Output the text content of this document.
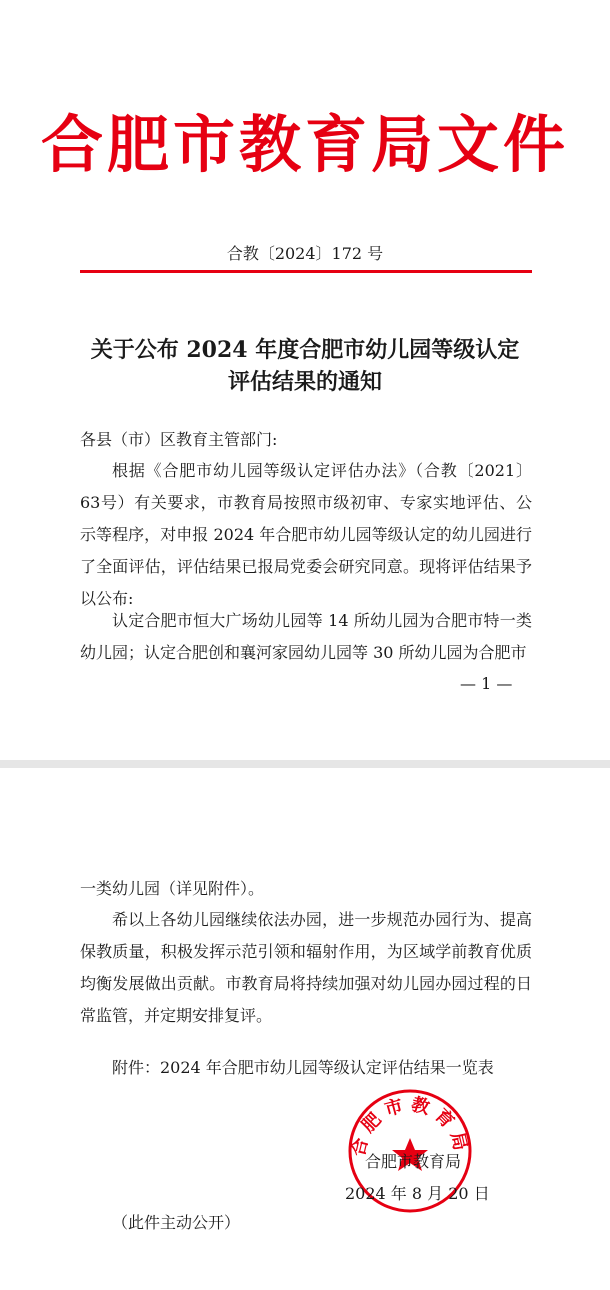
合肥市教育局文件
合教〔2024〕172 号
关于公布 2024 年度合肥市幼儿园等级认定
评估结果的通知
各县（市）区教育主管部门:
根据《合肥市幼儿园等级认定评估办法》（合教〔2021〕63号）有关要求，市教育局按照市级初审、专家实地评估、公示等程序，对申报 2024 年合肥市幼儿园等级认定的幼儿园进行了全面评估，评估结果已报局党委会研究同意。现将评估结果予以公布:
认定合肥市恒大广场幼儿园等 14 所幼儿园为合肥市特一类幼儿园；认定合肥创和襄河家园幼儿园等 30 所幼儿园为合肥市
— 1 —
一类幼儿园（详见附件）。
希以上各幼儿园继续依法办园，进一步规范办园行为、提高保教质量，积极发挥示范引领和辐射作用，为区域学前教育优质均衡发展做出贡献。市教育局将持续加强对幼儿园办园过程的日常监管，并定期安排复评。
附件：2024 年合肥市幼儿园等级认定评估结果一览表
合肥市教育局
合肥市教育局
2024 年 8 月 20 日
（此件主动公开）
